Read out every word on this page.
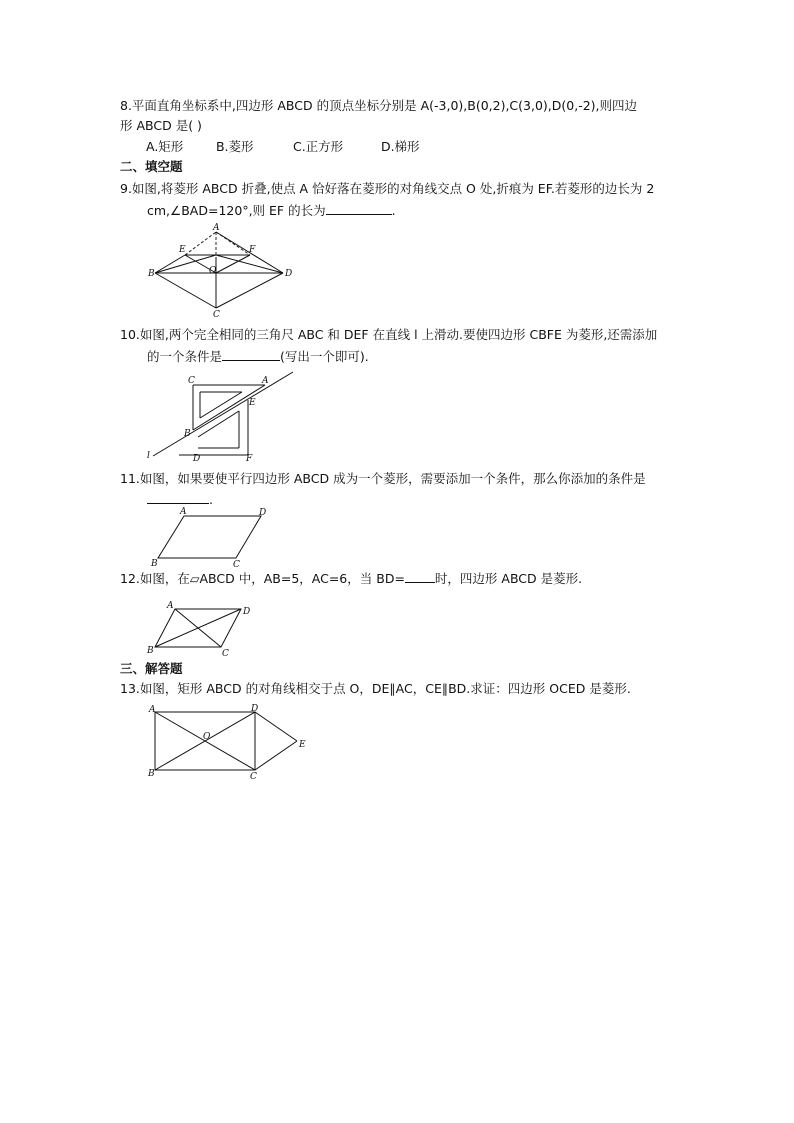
8.平面直角坐标系中,四边形 ABCD 的顶点坐标分别是 A(-3,0),B(0,2),C(3,0),D(0,-2),则四边
形 ABCD 是( )
A.矩形	B.菱形	C.正方形	D.梯形
二、填空题
9.如图,将菱形 ABCD 折叠,使点 A 恰好落在菱形的对角线交点 O 处,折痕为 EF.若菱形的边长为 2
cm,∠BAD=120°,则 EF 的长为	.
A
E	F
B	O	D
C
10.如图,两个完全相同的三角尺 ABC 和 DEF 在直线 l 上滑动.要使四边形 CBFE 为菱形,还需添加
的一个条件是	(写出一个即可).
C	A
E
B
l	D	F
11.如图，如果要使平行四边形 ABCD 成为一个菱形，需要添加一个条件，那么你添加的条件是
.
A	D
B	C
12.如图，在▱ABCD 中，AB=5，AC=6，当 BD= 时，四边形 ABCD 是菱形.
A
D
B	C
三、解答题
13.如图，矩形 ABCD 的对角线相交于点 O，DE∥AC，CE∥BD.求证：四边形 OCED 是菱形.
A	D
O
E
B	C
